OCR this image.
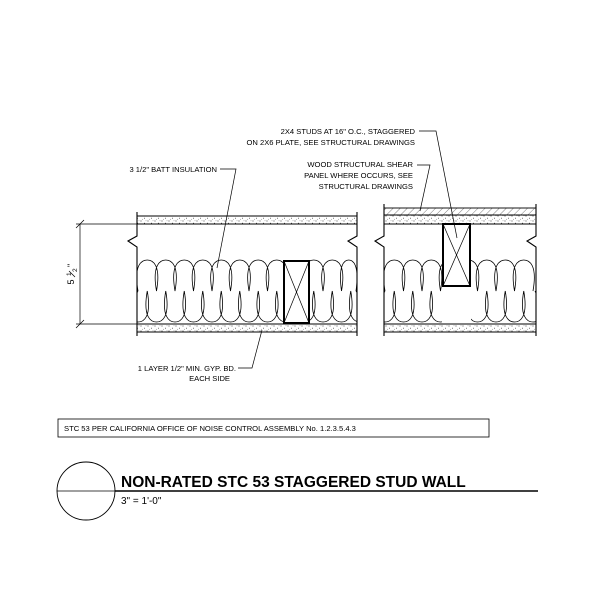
5
1
2
"
2X4 STUDS AT 16" O.C., STAGGERED
ON 2X6 PLATE, SEE STRUCTURAL DRAWINGS
3 1/2" BATT INSULATION
WOOD STRUCTURAL SHEAR
PANEL WHERE OCCURS, SEE
STRUCTURAL DRAWINGS
1 LAYER 1/2" MIN. GYP. BD.
EACH SIDE
STC 53 PER CALIFORNIA OFFICE OF NOISE CONTROL ASSEMBLY No. 1.2.3.5.4.3
NON-RATED STC 53 STAGGERED STUD WALL
3" = 1'-0"
